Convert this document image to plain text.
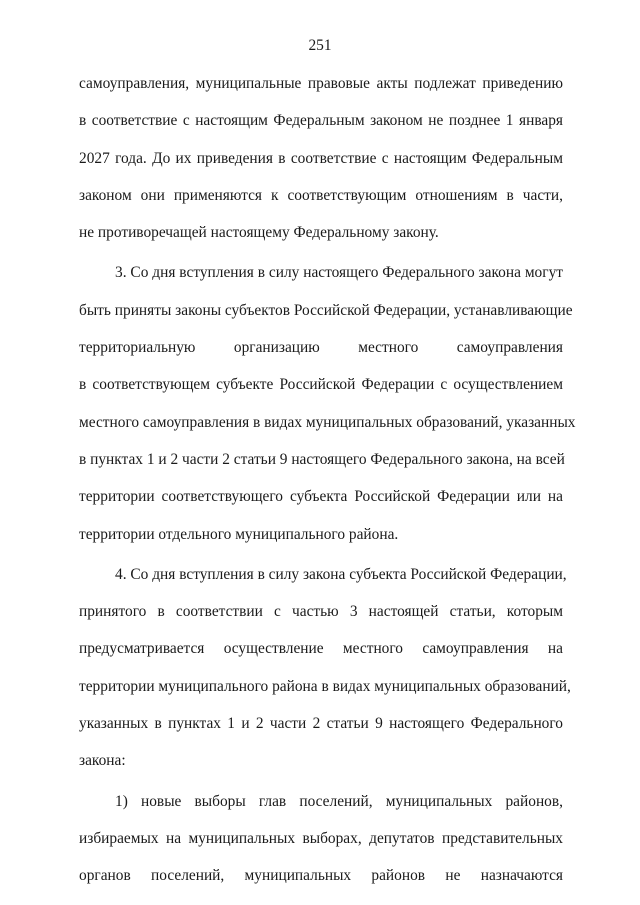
251
самоуправления, муниципальные правовые акты подлежат приведению
в соответствие с настоящим Федеральным законом не позднее 1 января
2027 года. До их приведения в соответствие с настоящим Федеральным
законом они применяются к соответствующим отношениям в части,
не противоречащей настоящему Федеральному закону.
3. Со дня вступления в силу настоящего Федерального закона могут
быть приняты законы субъектов Российской Федерации, устанавливающие
территориальную организацию местного самоуправления
в соответствующем субъекте Российской Федерации с осуществлением
местного самоуправления в видах муниципальных образований, указанных
в пунктах 1 и 2 части 2 статьи 9 настоящего Федерального закона, на всей
территории соответствующего субъекта Российской Федерации или на
территории отдельного муниципального района.
4. Со дня вступления в силу закона субъекта Российской Федерации,
принятого в соответствии с частью 3 настоящей статьи, которым
предусматривается осуществление местного самоуправления на
территории муниципального района в видах муниципальных образований,
указанных в пунктах 1 и 2 части 2 статьи 9 настоящего Федерального
закона:
1) новые выборы глав поселений, муниципальных районов,
избираемых на муниципальных выборах, депутатов представительных
органов поселений, муниципальных районов не назначаются
